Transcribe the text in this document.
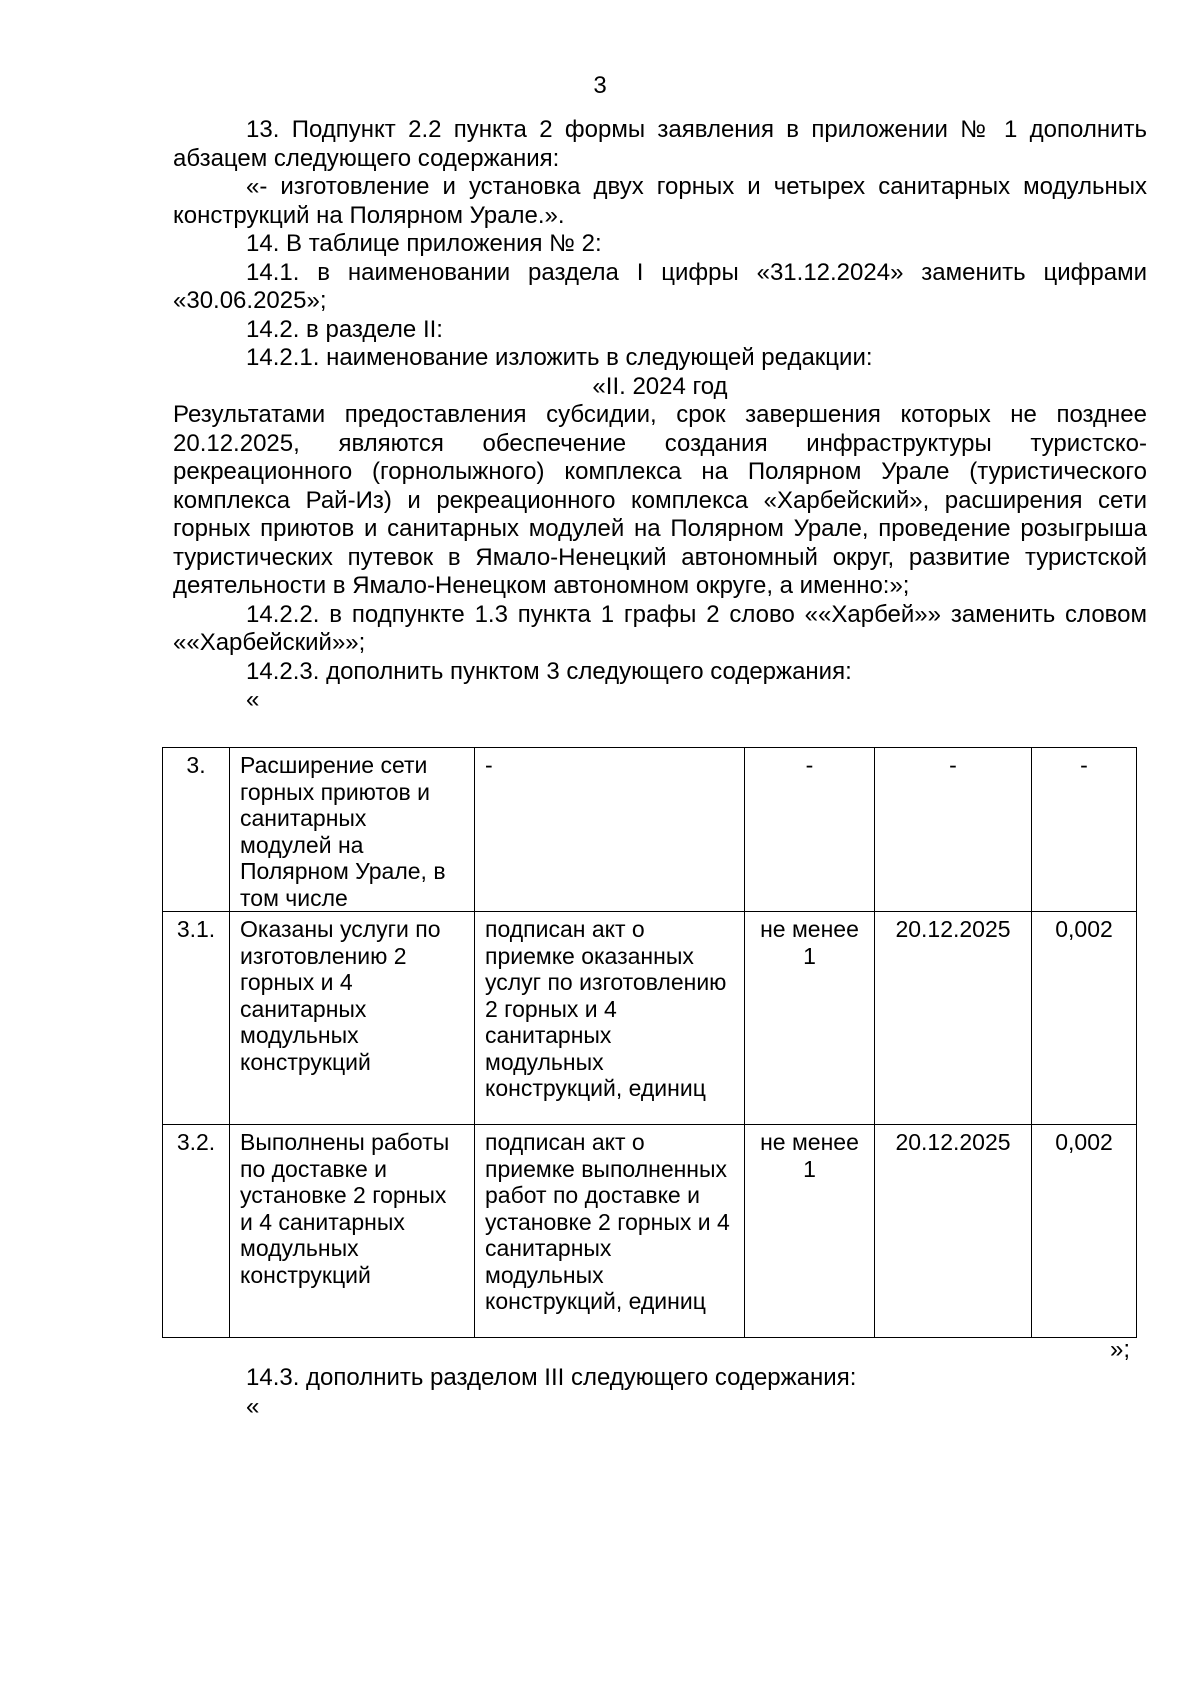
3

13. Подпункт 2.2 пункта 2 формы заявления в приложении № 1 дополнить абзацем следующего содержания:

«- изготовление и установка двух горных и четырех санитарных модульных конструкций на Полярном Урале.».

14. В таблице приложения № 2:

14.1. в наименовании раздела I цифры «31.12.2024» заменить цифрами «30.06.2025»;

14.2. в разделе II:

14.2.1. наименование изложить в следующей редакции:

«II. 2024 год

Результатами предоставления субсидии, срок завершения которых не позднее 20.12.2025, являются обеспечение создания инфраструктуры туристско-рекреационного (горнолыжного) комплекса на Полярном Урале (туристического комплекса Рай-Из) и рекреационного комплекса «Харбейский», расширения сети горных приютов и санитарных модулей на Полярном Урале, проведение розыгрыша туристических путевок в Ямало-Ненецкий автономный округ, развитие туристской деятельности в Ямало-Ненецком автономном округе, а именно:»;

14.2.2. в подпункте 1.3 пункта 1 графы 2 слово ««Харбей»» заменить словом ««Харбейский»»;

14.2.3. дополнить пунктом 3 следующего содержания:

«

3.	Расширение сети горных приютов и санитарных модулей на Полярном Урале, в том числе	-	-	-	-
3.1.	Оказаны услуги по изготовлению 2 горных и 4 санитарных модульных конструкций	подписан акт о приемке оказанных услуг по изготовлению 2 горных и 4 санитарных модульных конструкций, единиц	не менее 1	20.12.2025	0,002
3.2.	Выполнены работы по доставке и установке 2 горных и 4 санитарных модульных конструкций	подписан акт о приемке выполненных работ по доставке и установке 2 горных и 4 санитарных модульных конструкций, единиц	не менее 1	20.12.2025	0,002
»;

14.3. дополнить разделом III следующего содержания:

«
